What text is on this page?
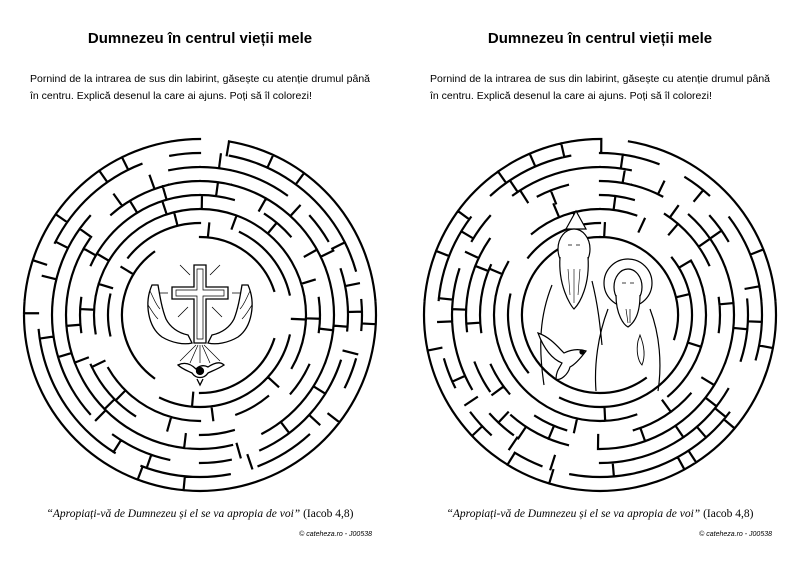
Dumnezeu în centrul vieții mele
Pornind de la intrarea de sus din labirint, găsește cu atenție drumul până în centru. Explică desenul la care ai ajuns. Poți să îl colorezi!
“Apropiați-vă de Dumnezeu și el se va apropia de voi” (Iacob 4,8)
© cateheza.ro - J00538
Dumnezeu în centrul vieții mele
Pornind de la intrarea de sus din labirint, găsește cu atenție drumul până în centru. Explică desenul la care ai ajuns. Poți să îl colorezi!
“Apropiați-vă de Dumnezeu și el se va apropia de voi” (Iacob 4,8)
© cateheza.ro - J00538
